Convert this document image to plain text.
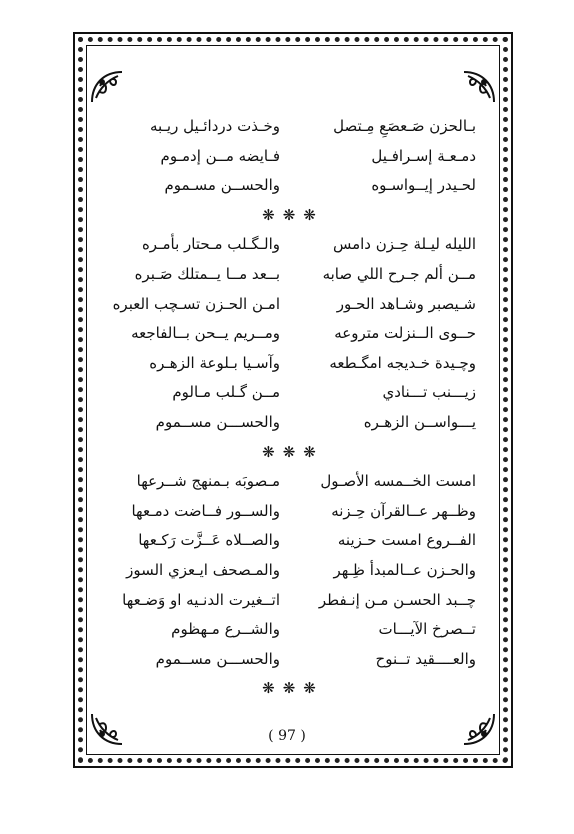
بـالحزن صَـعصَعِ مِـتصل
وخـذت دردائـيل ريـبه
دمـعـة إسـرافـيل
فـايضه مــن إدمـوم
لحـيدر إيــواسـوه
والحســن مسـموم
❋❋❋
الليله ليـلة حِـزن دامس
والـگـلب مـحتار بأمـره
مــن ألم جـرح اللي صابه
بــعد مــا يــمتلك صَـبره
شـيصبر وشـاهد الحـور
امـن الحـزن تسـچب العبره
حــوى الــنزلت متروعه
ومــريم يــحن بــالفاجعه
وچـيدة خـديجه امگـطعه
وآسـيا بـلوعة الزهـره
زيـــنب تـــنادي
مــن گـلب مـالوم
يـــواســن الزهـره
والحســـن مســموم
❋❋❋
امست الخــمسه الأصـول
مـصوبَه بـمنهج شــرعها
وظــهر عــالقرآن حِـزنه
والســور فــاضت دمـعها
الفــروع امست حـزينه
والصــلاه عَــزَّت رَكـعها
والحـزن عــالمبدأ ظِـهر
والمـصحف ايـعزي السوز
چــبد الحسـن مـن إنـفطر
اتــغيرت الدنـيه او وَضـعها
تــصرخ الآيـــات
والشــرع مـهظوم
والعــــقيد تــنوح
والحســـن مســموم
❋❋❋
( 97 )
